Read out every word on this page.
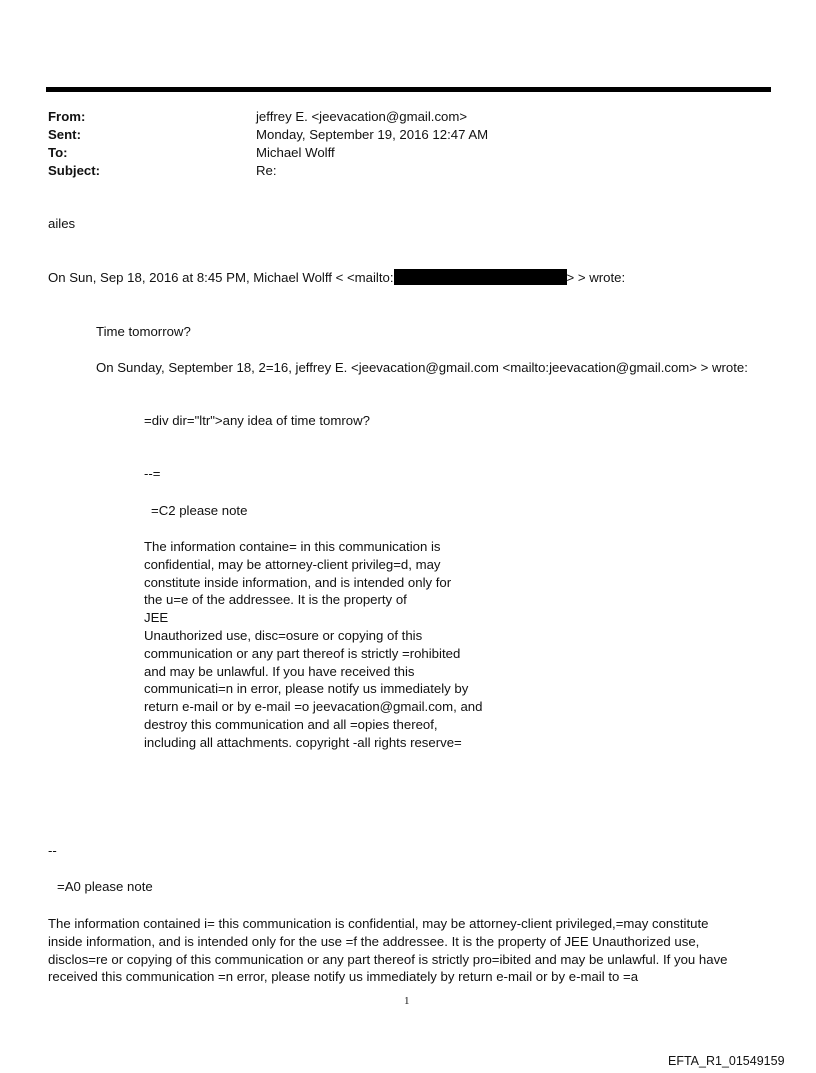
From:	jeffrey E. <jeevacation@gmail.com>
Sent:	Monday, September 19, 2016 12:47 AM
To:	Michael Wolff
Subject:	Re:
ailes
On Sun, Sep 18, 2016 at 8:45 PM, Michael Wolff < <mailto:	> > wrote:
Time tomorrow?
On Sunday, September 18, 2=16, jeffrey E. <jeevacation@gmail.com <mailto:jeevacation@gmail.com> > wrote:
=div dir="ltr">any idea of time tomrow?
--=
=C2 please note
The information containe= in this communication is
confidential, may be attorney-client privileg=d, may
constitute inside information, and is intended only for
the u=e of the addressee. It is the property of
JEE
Unauthorized use, disc=osure or copying of this
communication or any part thereof is strictly =rohibited
and may be unlawful. If you have received this
communicati=n in error, please notify us immediately by
return e-mail or by e-mail =o jeevacation@gmail.com, and
destroy this communication and all =opies thereof,
including all attachments. copyright -all rights reserve=
--
=A0 please note
The information contained i= this communication is confidential, may be attorney-client privileged,=may constitute
inside information, and is intended only for the use =f the addressee. It is the property of JEE Unauthorized use,
disclos=re or copying of this communication or any part thereof is strictly pro=ibited and may be unlawful. If you have
received this communication =n error, please notify us immediately by return e-mail or by e-mail to =a
1
EFTA_R1_01549159
